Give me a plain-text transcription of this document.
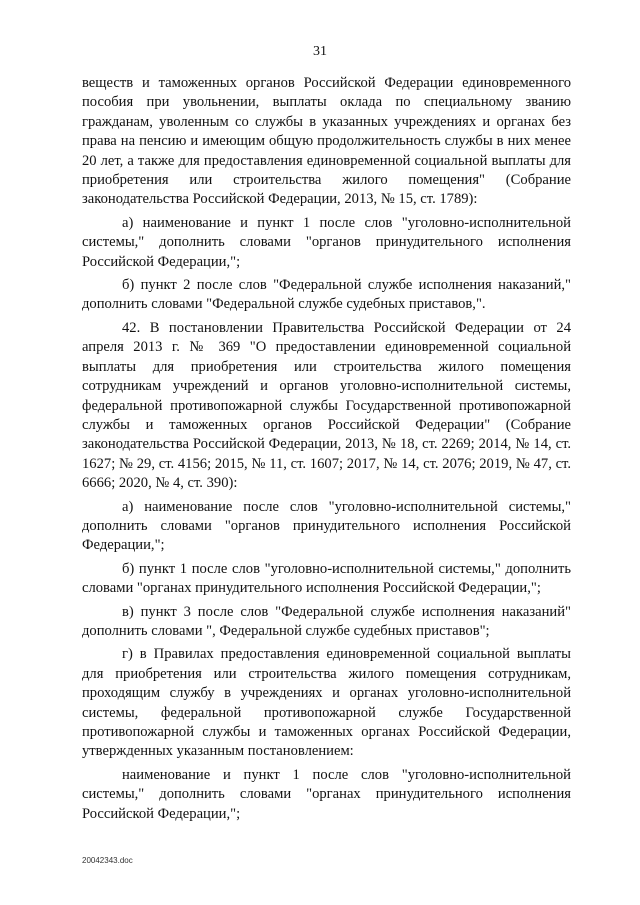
31

веществ и таможенных органов Российской Федерации единовременного пособия при увольнении, выплаты оклада по специальному званию гражданам, уволенным со службы в указанных учреждениях и органах без права на пенсию и имеющим общую продолжительность службы в них менее 20 лет, а также для предоставления единовременной социальной выплаты для приобретения или строительства жилого помещения" (Собрание законодательства Российской Федерации, 2013, № 15, ст. 1789):

а) наименование и пункт 1 после слов "уголовно-исполнительной системы," дополнить словами "органов принудительного исполнения Российской Федерации,";

б) пункт 2 после слов "Федеральной службе исполнения наказаний," дополнить словами "Федеральной службе судебных приставов,".

42. В постановлении Правительства Российской Федерации от 24 апреля 2013 г. № 369 "О предоставлении единовременной социальной выплаты для приобретения или строительства жилого помещения сотрудникам учреждений и органов уголовно-исполнительной системы, федеральной противопожарной службы Государственной противопожарной службы и таможенных органов Российской Федерации" (Собрание законодательства Российской Федерации, 2013, № 18, ст. 2269; 2014, № 14, ст. 1627; № 29, ст. 4156; 2015, № 11, ст. 1607; 2017, № 14, ст. 2076; 2019, № 47, ст. 6666; 2020, № 4, ст. 390):

а) наименование после слов "уголовно-исполнительной системы," дополнить словами "органов принудительного исполнения Российской Федерации,";

б) пункт 1 после слов "уголовно-исполнительной системы," дополнить словами "органах принудительного исполнения Российской Федерации,";

в) пункт 3 после слов "Федеральной службе исполнения наказаний" дополнить словами ", Федеральной службе судебных приставов";

г) в Правилах предоставления единовременной социальной выплаты для приобретения или строительства жилого помещения сотрудникам, проходящим службу в учреждениях и органах уголовно-исполнительной системы, федеральной противопожарной службе Государственной противопожарной службы и таможенных органах Российской Федерации, утвержденных указанным постановлением:

наименование и пункт 1 после слов "уголовно-исполнительной системы," дополнить словами "органах принудительного исполнения Российской Федерации,";

20042343.doc
